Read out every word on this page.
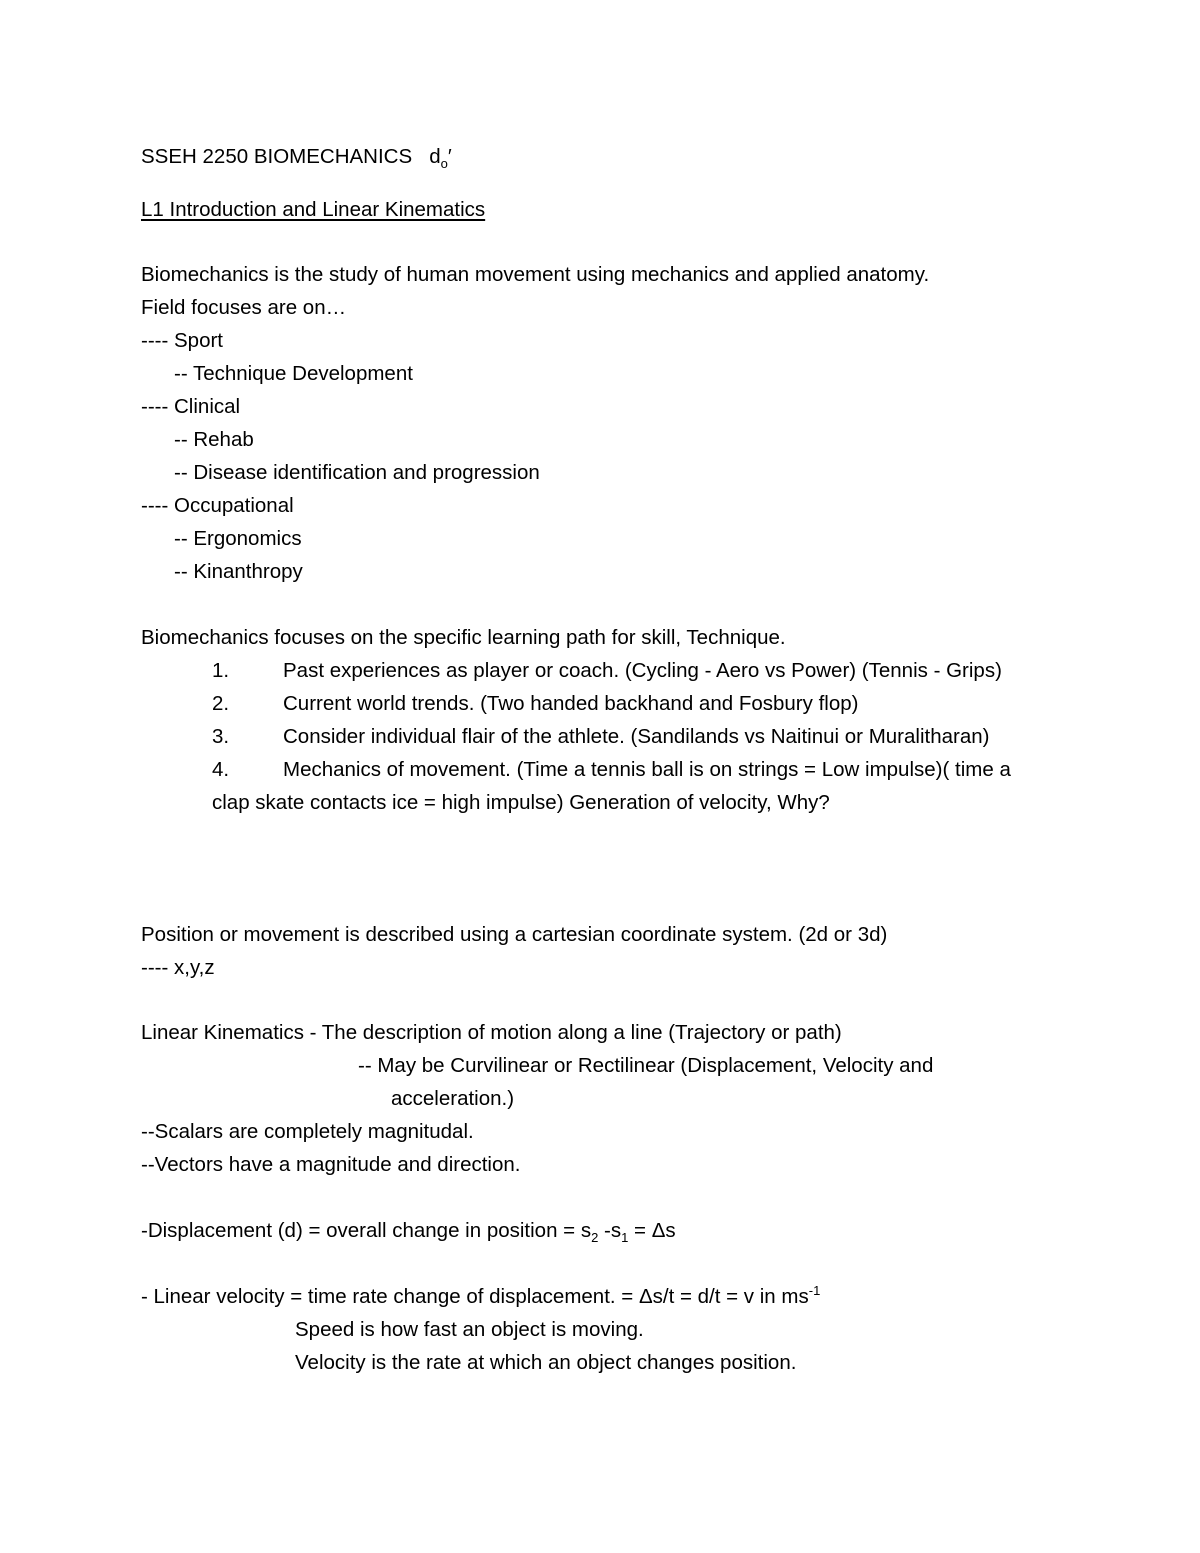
SSEH 2250 BIOMECHANICS $d_o'$
L1 Introduction and Linear Kinematics
Biomechanics is the study of human movement using mechanics and applied anatomy.
Field focuses are on…
---- Sport
-- Technique Development
---- Clinical
-- Rehab
-- Disease identification and progression
---- Occupational
-- Ergonomics
-- Kinanthropy
Biomechanics focuses on the specific learning path for skill, Technique.
1.	Past experiences as player or coach. (Cycling - Aero vs Power) (Tennis - Grips)
2.	Current world trends. (Two handed backhand and Fosbury flop)
3.	Consider individual flair of the athlete. (Sandilands vs Naitinui or Muralitharan)
4.	Mechanics of movement. (Time a tennis ball is on strings = Low impulse)( time a
clap skate contacts ice = high impulse) Generation of velocity, Why?
Position or movement is described using a cartesian coordinate system. (2d or 3d)
---- x,y,z
Linear Kinematics - The description of motion along a line (Trajectory or path)
-- May be Curvilinear or Rectilinear (Displacement, Velocity and
acceleration.)
--Scalars are completely magnitudal.
--Vectors have a magnitude and direction.
-Displacement (d) = overall change in position = $s_2$ $-s_1 = \Delta s$
- Linear velocity = time rate change of displacement. = Δs/t = d/t = v in $ms^{-1}$
Speed is how fast an object is moving.
Velocity is the rate at which an object changes position.
